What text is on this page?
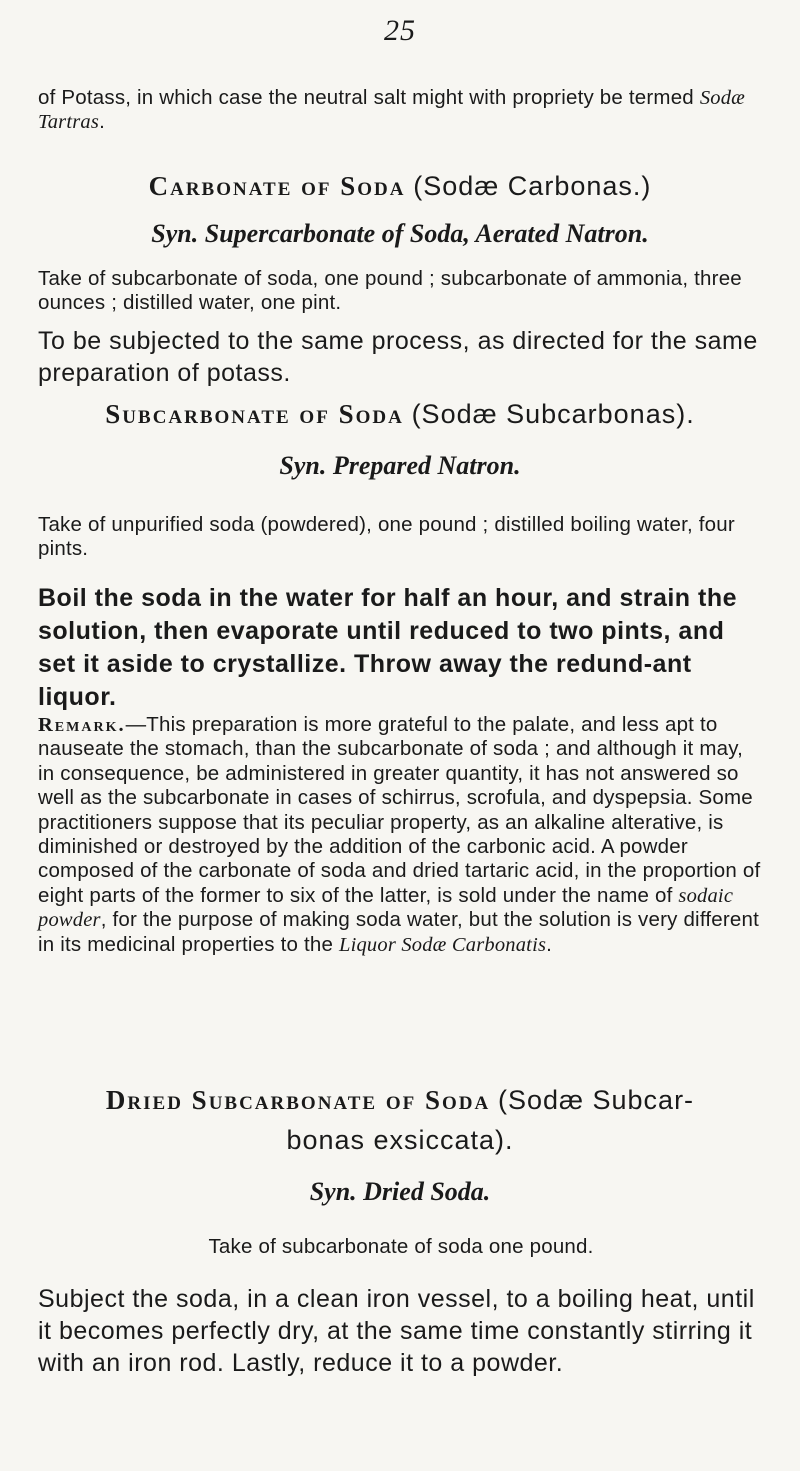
25

of Potass, in which case the neutral salt might with propriety be termed Sodæ Tartras.

Carbonate of Soda (Sodæ Carbonas.)
Syn. Supercarbonate of Soda, Aerated Natron.

Take of subcarbonate of soda, one pound ; subcarbonate of ammonia, three ounces ; distilled water, one pint.

To be subjected to the same process, as directed for the same preparation of potass.

Subcarbonate of Soda (Sodæ Subcarbonas).
Syn. Prepared Natron.

Take of unpurified soda (powdered), one pound ; distilled boiling water, four pints.

Boil the soda in the water for half an hour, and strain the solution, then evaporate until reduced to two pints, and set it aside to crystallize. Throw away the redund-ant liquor.

Remark.—This preparation is more grateful to the palate, and less apt to nauseate the stomach, than the subcarbonate of soda ; and although it may, in consequence, be administered in greater quantity, it has not answered so well as the subcarbonate in cases of schirrus, scrofula, and dyspepsia. Some practitioners suppose that its peculiar property, as an alkaline alterative, is diminished or destroyed by the addition of the carbonic acid. A powder composed of the carbonate of soda and dried tartaric acid, in the proportion of eight parts of the former to six of the latter, is sold under the name of sodaic powder, for the purpose of making soda water, but the solution is very different in its medicinal properties to the Liquor Sodæ Carbonatis.

Dried Subcarbonate of Soda (Sodæ Subcar-
bonas exsiccata).
Syn. Dried Soda.

Take of subcarbonate of soda one pound.

Subject the soda, in a clean iron vessel, to a boiling heat, until it becomes perfectly dry, at the same time constantly stirring it with an iron rod. Lastly, reduce it to a powder.
